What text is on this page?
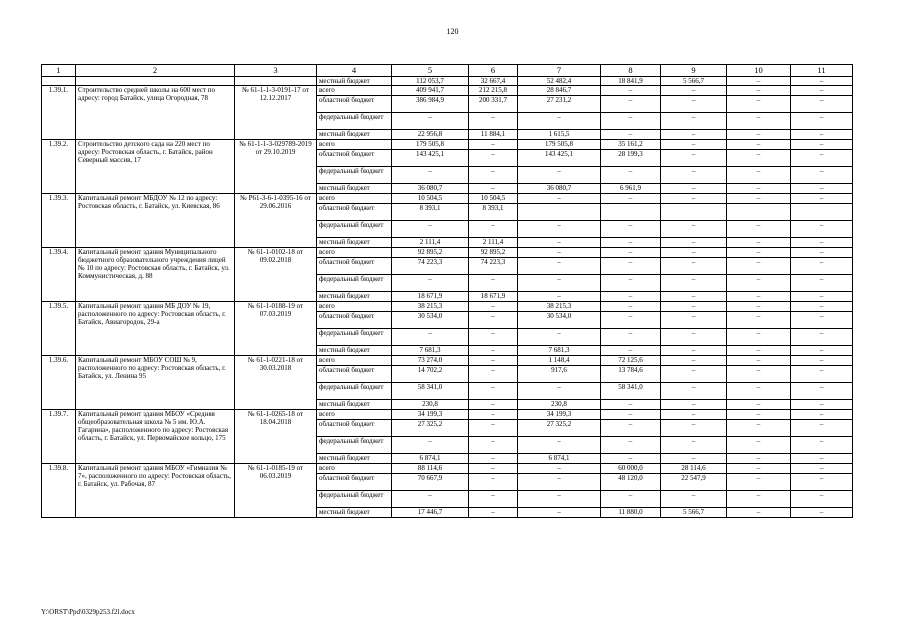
120
1	2	3	4	5	6	7	8	9	10	11
			местный бюджет	112 053,7	32 667,4	52 482,4	18 841,9	5 566,7	–	–
1.39.1.	Строительство средней школы на 600 мест по адресу: город Батайск, улица Огородная, 78	№ 61-1-1-3-0191-17 от 12.12.2017	всего	409 941,7	212 215,8	28 846,7	–	–	–	–
			областной бюджет	386 984,9	200 331,7	27 231,2	–	–	–	–
			федеральный бюджет	–	–	–	–	–	–	–
			местный бюджет	22 956,8	11 884,1	1 615,5	–	–	–	–
1.39.2.	Строительство детского сада на 220 мест по адресу: Ростовская область, г. Батайск, район Северный массив, 17	№ 61-1-1-3-029789-2019 от 29.10.2019	всего	179 505,8	–	179 505,8	35 161,2	–	–	–
			областной бюджет	143 425,1	–	143 425,1	28 199,3	–	–	–
			федеральный бюджет	–	–	–	–	–	–	–
			местный бюджет	36 080,7	–	36 080,7	6 961,9	–	–	–
1.39.3.	Капитальный ремонт МБДОУ № 12 по адресу: Ростовская область, г. Батайск, ул. Киевская, 86	№ Р61-3-6-1-0395-16 от 29.06.2016	всего	10 504,5	10 504,5	–	–	–	–	–
			областной бюджет	8 393,1	8 393,1					
			федеральный бюджет	–	–	–	–	–	–	–
			местный бюджет	2 111,4	2 111,4	–	–	–	–	–
1.39.4.	Капитальный ремонт здания Муниципального бюджетного образовательного учреждения лицей № 10 по адресу: Ростовская область, г. Батайск, ул. Коммунистическая, д. 88	№ 61-1-0102-18 от 09.02.2018	всего	92 895,2	92 895,2	–	–	–	–	–
			областной бюджет	74 223,3	74 223,3	–	–	–	–	–
			федеральный бюджет	–	–	–	–	–	–	–
			местный бюджет	18 671,9	18 671,9	–	–	–	–	–
1.39.5.	Капитальный ремонт здания МБ ДОУ № 19, расположенного по адресу: Ростовская область, г. Батайск, Авиагородок, 29-а	№ 61-1-0188-19 от 07.03.2019	всего	38 215,3	–	38 215,3	–	–	–	–
			областной бюджет	30 534,0	–	30 534,0	–	–	–	–
			федеральный бюджет	–	–	–	–	–	–	–
			местный бюджет	7 681,3	–	7 681,3	–	–	–	–
1.39.6.	Капитальный ремонт МБОУ СОШ № 9, расположенного по адресу: Ростовская область, г. Батайск, ул. Ленина 95	№ 61-1-0221-18 от 30.03.2018	всего	73 274,0	–	1 148,4	72 125,6	–	–	–
			областной бюджет	14 702,2	–	917,6	13 784,6	–	–	–
			федеральный бюджет	58 341,0	–	–	58 341,0	–	–	–
			местный бюджет	230,8	–	230,8	–	–	–	–
1.39.7.	Капитальный ремонт здания МБОУ «Средняя общеобразовательная школа № 5 им. Ю.А. Гагарина», расположенного по адресу: Ростовская область, г. Батайск, ул. Первомайское кольцо, 175	№ 61-1-0265-18 от 18.04.2018	всего	34 199,3	–	34 199,3	–	–	–	–
			областной бюджет	27 325,2	–	27 325,2	–	–	–	–
			федеральный бюджет	–	–	–	–	–	–	–
			местный бюджет	6 874,1	–	6 874,1	–	–	–	–
1.39.8.	Капитальный ремонт здания МБОУ «Гимназия № 7», расположенного по адресу: Ростовская область, г. Батайск, ул. Рабочая, 87	№ 61-1-0185-19 от 06.03.2019	всего	88 114,6	–	–	60 000,0	28 114,6	–	–
			областной бюджет	70 667,9	–	–	48 120,0	22 547,9	–	–
			федеральный бюджет	–	–	–	–	–	–	–
			местный бюджет	17 446,7	–	–	11 880,0	5 566,7	–	–
Y:\ORST\Ppd\0329p253.f2l.docx
